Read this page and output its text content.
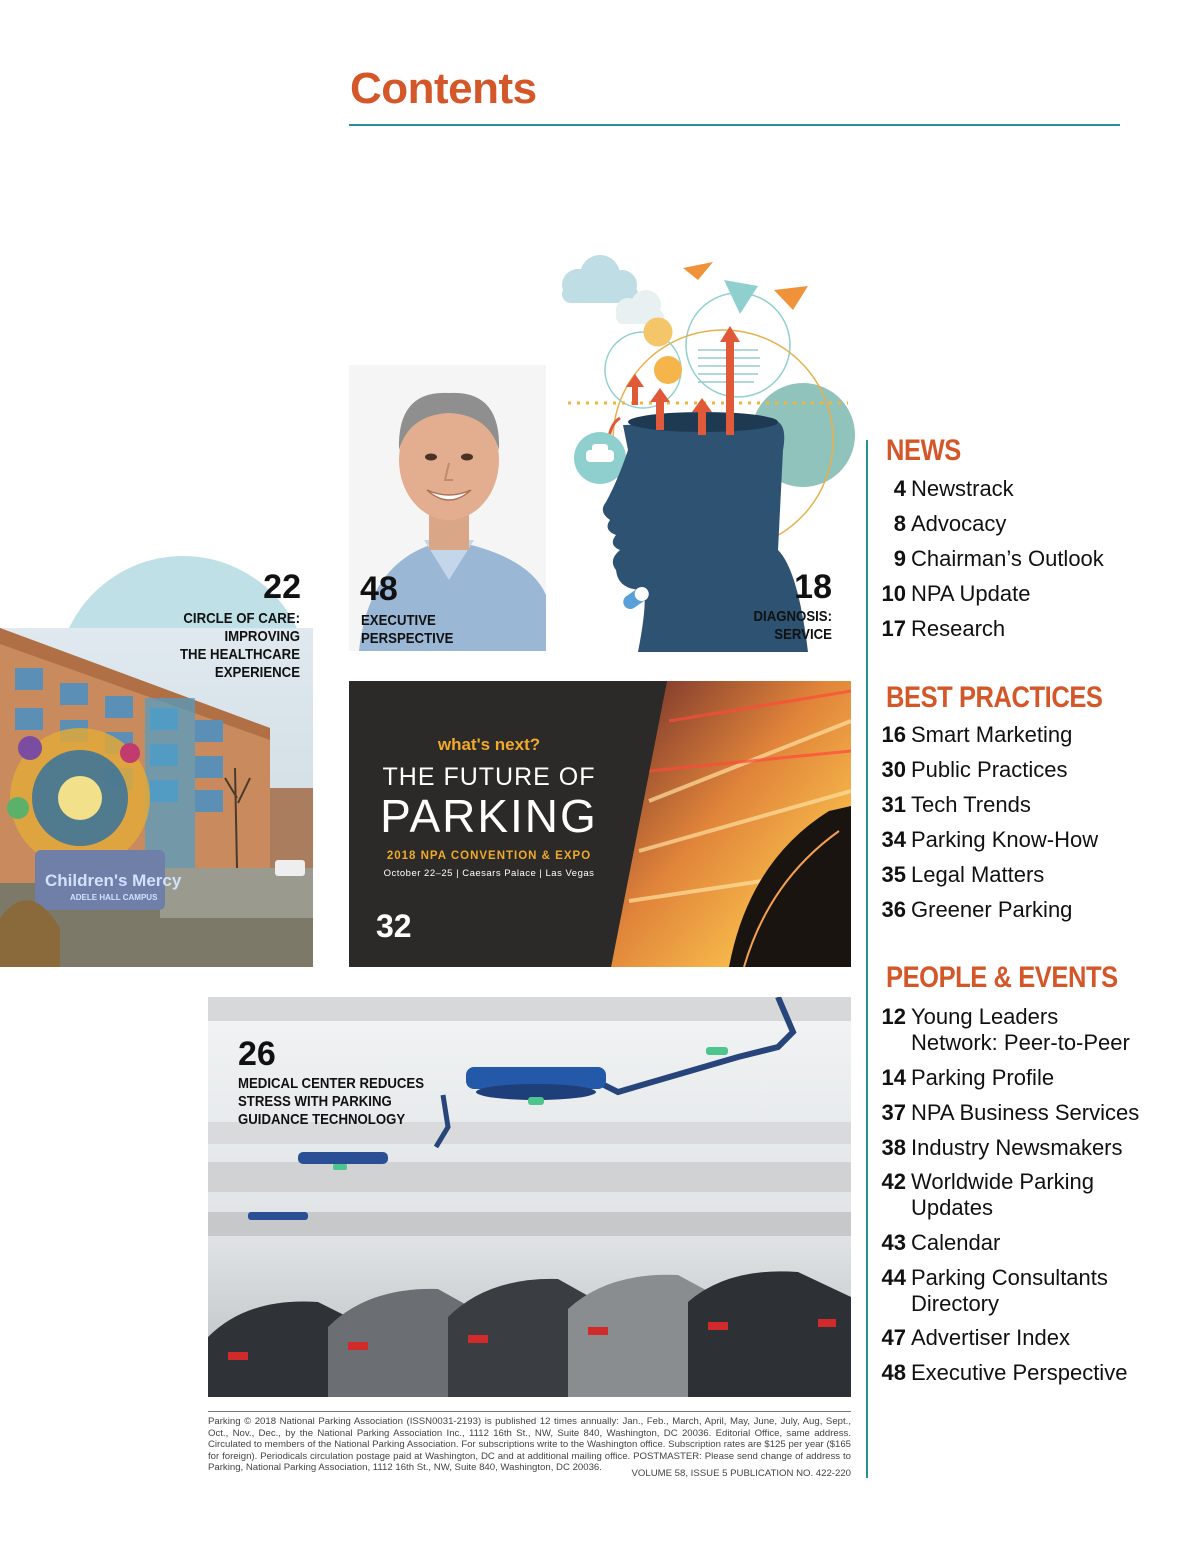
Contents
Children's Mercy
ADELE HALL CAMPUS
22
CIRCLE OF CARE:
IMPROVING
THE HEALTHCARE
EXPERIENCE
48
EXECUTIVE
PERSPECTIVE
18
DIAGNOSIS:
SERVICE
what's next?
THE FUTURE OF
PARKING
2018 NPA CONVENTION & EXPO
October 22–25 | Caesars Palace | Las Vegas
32
26
MEDICAL CENTER REDUCES
STRESS WITH PARKING
GUIDANCE TECHNOLOGY
Parking © 2018 National Parking Association (ISSN0031-2193) is published 12 times annually: Jan., Feb., March, April, May, June, July, Aug, Sept., Oct., Nov., Dec., by the National Parking Association Inc., 1112 16th St., NW, Suite 840, Washington, DC 20036. Editorial Office, same address. Circulated to members of the National Parking Association. For subscriptions write to the Washington office. Subscription rates are $125 per year ($165 for foreign). Periodicals circulation postage paid at Washington, DC and at additional mailing office. POSTMASTER: Please send change of address to Parking, National Parking Association, 1112 16th St., NW, Suite 840, Washington, DC 20036.
VOLUME 58, ISSUE 5 PUBLICATION NO. 422-220
NEWS
4 Newstrack
8 Advocacy
9 Chairman’s Outlook
10 NPA Update
17 Research
BEST PRACTICES
16 Smart Marketing
30 Public Practices
31 Tech Trends
34 Parking Know-How
35 Legal Matters
36 Greener Parking
PEOPLE & EVENTS
12 Young Leaders
Network: Peer-to-Peer
14 Parking Profile
37 NPA Business Services
38 Industry Newsmakers
42 Worldwide Parking
Updates
43 Calendar
44 Parking Consultants
Directory
47 Advertiser Index
48 Executive Perspective
